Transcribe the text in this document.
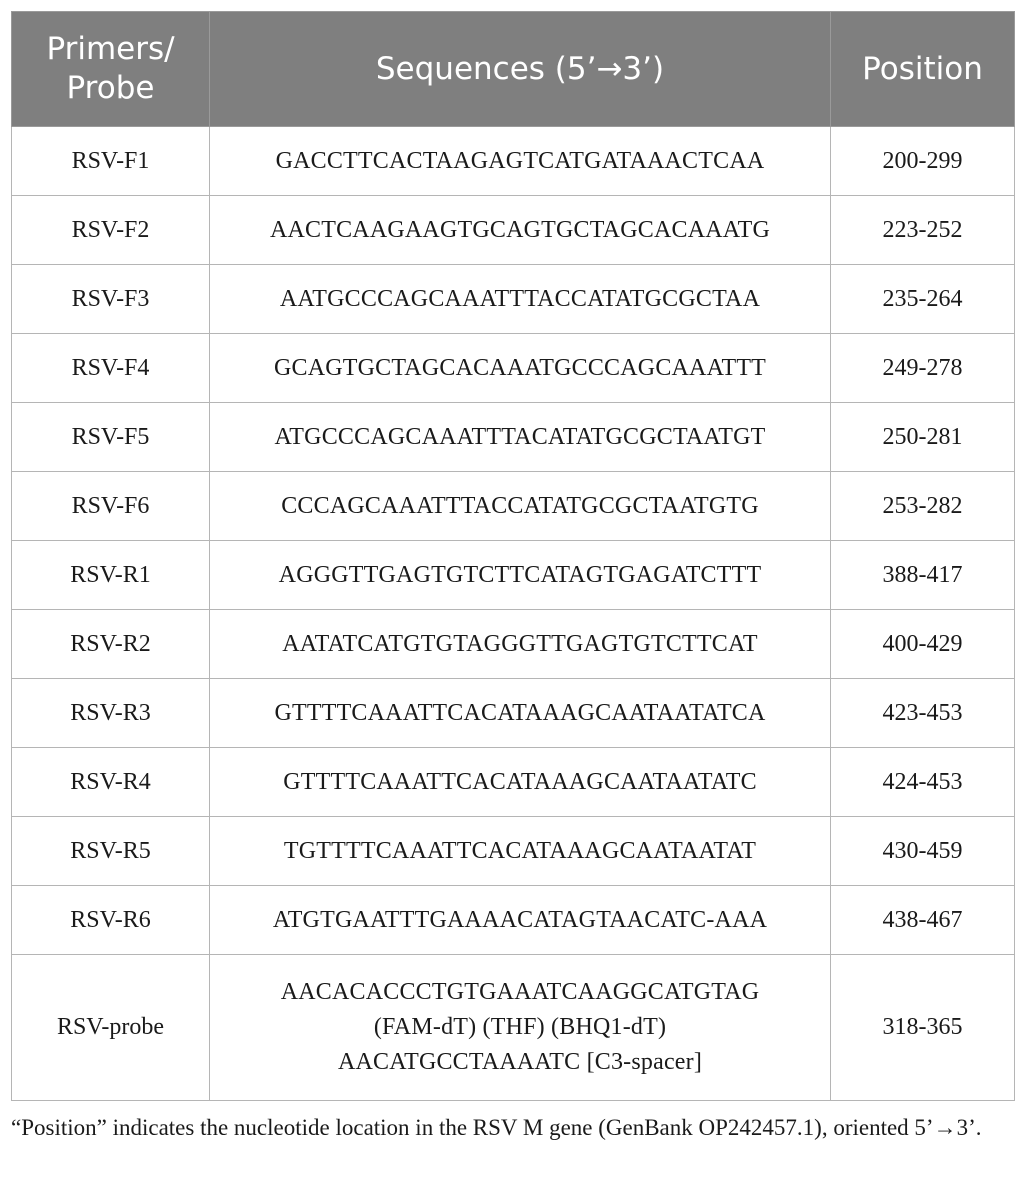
Primers/ Probe	Sequences (5’→3’)	Position
RSV-F1	GACCTTCACTAAGAGTCATGATAAACTCAA	200-299
RSV-F2	AACTCAAGAAGTGCAGTGCTAGCACAAATG	223-252
RSV-F3	AATGCCCAGCAAATTTACCATATGCGCTAA	235-264
RSV-F4	GCAGTGCTAGCACAAATGCCCAGCAAATTT	249-278
RSV-F5	ATGCCCAGCAAATTTACATATGCGCTAATGT	250-281
RSV-F6	CCCAGCAAATTTACCATATGCGCTAATGTG	253-282
RSV-R1	AGGGTTGAGTGTCTTCATAGTGAGATCTTT	388-417
RSV-R2	AATATCATGTGTAGGGTTGAGTGTCTTCAT	400-429
RSV-R3	GTTTTCAAATTCACATAAAGCAATAATATCA	423-453
RSV-R4	GTTTTCAAATTCACATAAAGCAATAATATC	424-453
RSV-R5	TGTTTTCAAATTCACATAAAGCAATAATAT	430-459
RSV-R6	ATGTGAATTTGAAAACATAGTAACATC-AAA	438-467
RSV-probe	AACACACCCTGTGAAATCAAGGCATGTAG
(FAM-dT) (THF) (BHQ1-dT)
AACATGCCTAAAATC [C3-spacer]	318-365
“Position” indicates the nucleotide location in the RSV M gene (GenBank OP242457.1), oriented 5’→3’.
